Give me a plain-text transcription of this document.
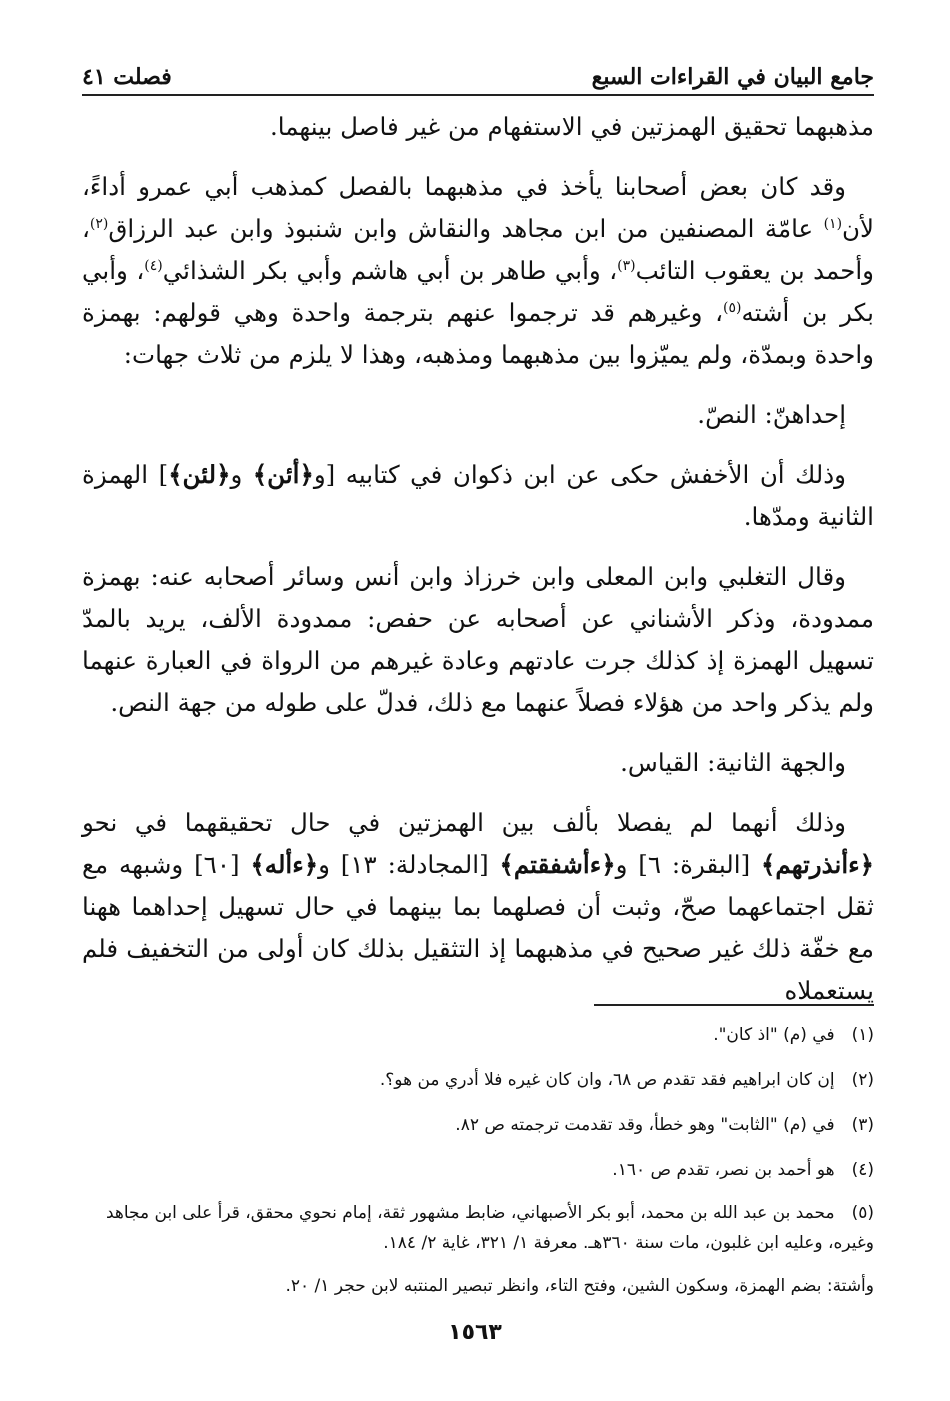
جامع البيان في القراءات السبع
فصلت ٤١

مذهبهما تحقيق الهمزتين في الاستفهام من غير فاصل بينهما.

وقد كان بعض أصحابنا يأخذ في مذهبهما بالفصل كمذهب أبي عمرو أداءً، لأن$^{(١)}$ عامّة المصنفين من ابن مجاهد والنقاش وابن شنبوذ وابن عبد الرزاق$^{(٢)}$، وأحمد بن يعقوب التائب$^{(٣)}$، وأبي طاهر بن أبي هاشم وأبي بكر الشذائي$^{(٤)}$، وأبي بكر بن أشته$^{(٥)}$، وغيرهم قد ترجموا عنهم بترجمة واحدة وهي قولهم: بهمزة واحدة وبمدّة، ولم يميّزوا بين مذهبهما ومذهبه، وهذا لا يلزم من ثلاث جهات:

إحداهنّ: النصّ.

وذلك أن الأخفش حكى عن ابن ذكوان في كتابيه [و﴿أئن﴾ و﴿لئن﴾] الهمزة الثانية ومدّها.

وقال التغلبي وابن المعلى وابن خرزاذ وابن أنس وسائر أصحابه عنه: بهمزة ممدودة، وذكر الأشناني عن أصحابه عن حفص: ممدودة الألف، يريد بالمدّ تسهيل الهمزة إذ كذلك جرت عادتهم وعادة غيرهم من الرواة في العبارة عنهما ولم يذكر واحد من هؤلاء فصلاً عنهما مع ذلك، فدلّ على طوله من جهة النص.

والجهة الثانية: القياس.

وذلك أنهما لم يفصلا بألف بين الهمزتين في حال تحقيقهما في نحو ﴿ءأنذرتهم﴾ [البقرة: ٦] و﴿ءأشفقتم﴾ [المجادلة: ١٣] و﴿ءأله﴾ [٦٠] وشبهه مع ثقل اجتماعهما صحّ، وثبت أن فصلهما بما بينهما في حال تسهيل إحداهما ههنا مع خفّة ذلك غير صحيح في مذهبهما إذ التثقيل بذلك كان أولى من التخفيف فلم يستعملاه

(١) في (م) "اذ كان".
(٢) إن كان ابراهيم فقد تقدم ص ٦٨، وان كان غيره فلا أدري من هو؟.
(٣) في (م) "الثابت" وهو خطأ، وقد تقدمت ترجمته ص ٨٢.
(٤) هو أحمد بن نصر، تقدم ص ١٦٠.
(٥) محمد بن عبد الله بن محمد، أبو بكر الأصبهاني، ضابط مشهور ثقة، إمام نحوي محقق، قرأ على ابن مجاهد وغيره، وعليه ابن غلبون، مات سنة ٣٦٠هـ. معرفة ١/ ٣٢١، غاية ٢/ ١٨٤.
وأشتة: بضم الهمزة، وسكون الشين، وفتح التاء، وانظر تبصير المنتبه لابن حجر ١/ ٢٠.
١٥٦٣
